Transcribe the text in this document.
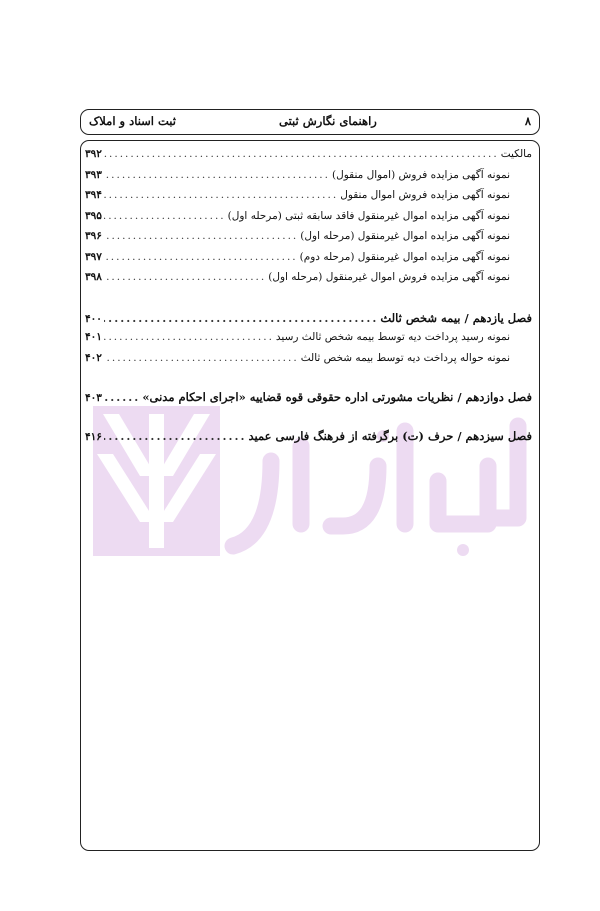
۸
راهنمای نگارش ثبتی
ثبت اسناد و املاک
مالکیت
.....
۳۹۲
نمونه آگهی مزایده فروش (اموال منقول)
.....
۳۹۳
نمونه آگهی مزایده فروش اموال منقول
.....
۳۹۴
نمونه آگهی مزایده اموال غیرمنقول فاقد سابقه ثبتی (مرحله اول)
.....
۳۹۵
نمونه آگهی مزایده اموال غیرمنقول (مرحله اول)
.....
۳۹۶
نمونه آگهی مزایده اموال غیرمنقول (مرحله دوم)
.....
۳۹۷
نمونه آگهی مزایده فروش اموال غیرمنقول (مرحله اول)
.....
۳۹۸
فصل یازدهم / بیمه شخص ثالث
.....
۴۰۰
نمونه رسید پرداخت دیه توسط بیمه شخص ثالث رسید
.....
۴۰۱
نمونه حواله پرداخت دیه توسط بیمه شخص ثالث
.....
۴۰۲
فصل دوازدهم / نظریات مشورتی اداره حقوقی قوه قضاییه «اجرای احکام مدنی»
.....
۴۰۳
فصل سیزدهم / حرف (ت) برگرفته از فرهنگ فارسی عمید
.....
۴۱۶
